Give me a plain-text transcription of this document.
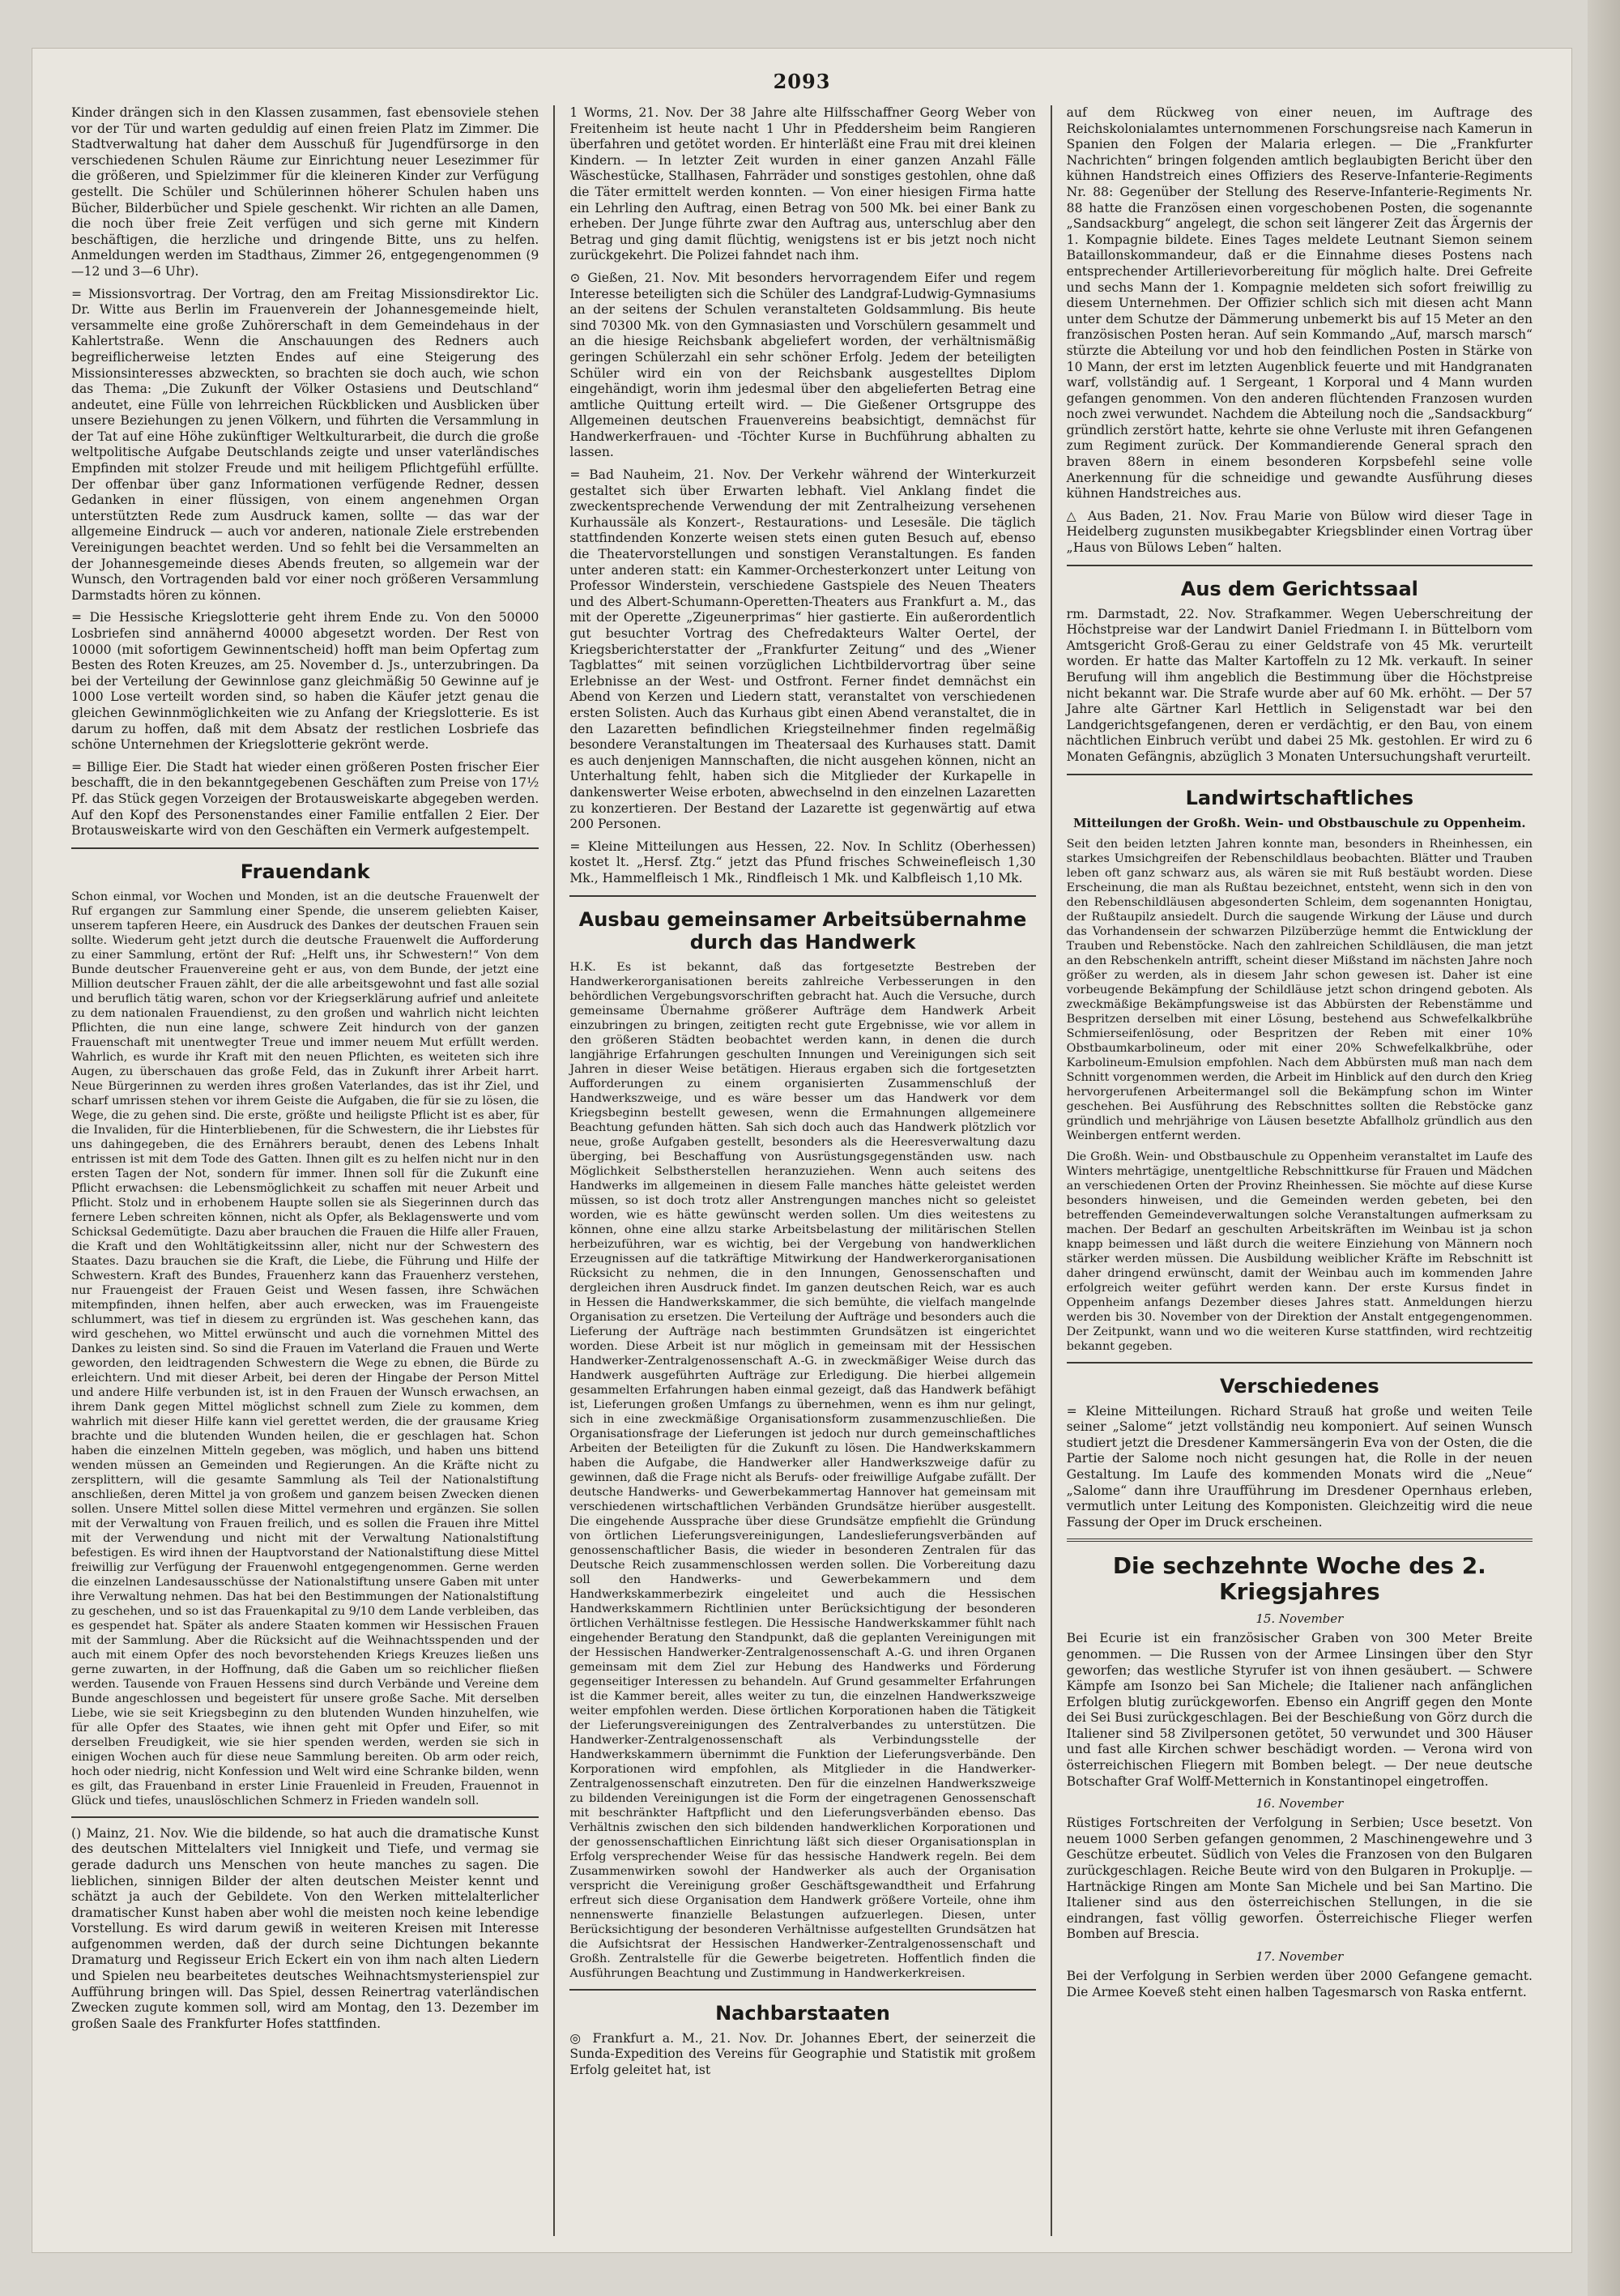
2093

Kinder drängen sich in den Klassen zusammen, fast ebensoviele stehen vor der Tür und warten geduldig auf einen freien Platz im Zimmer. Die Stadtverwaltung hat daher dem Ausschuß für Jugendfürsorge in den verschiedenen Schulen Räume zur Einrichtung neuer Lesezimmer für die größeren, und Spielzimmer für die kleineren Kinder zur Verfügung gestellt. Die Schüler und Schülerinnen höherer Schulen haben uns Bücher, Bilderbücher und Spiele geschenkt. Wir richten an alle Damen, die noch über freie Zeit verfügen und sich gerne mit Kindern beschäftigen, die herzliche und dringende Bitte, uns zu helfen. Anmeldungen werden im Stadthaus, Zimmer 26, entgegengenommen (9—12 und 3—6 Uhr).

= Missionsvortrag. Der Vortrag, den am Freitag Missionsdirektor Lic. Dr. Witte aus Berlin im Frauenverein der Johannesgemeinde hielt, versammelte eine große Zuhörerschaft in dem Gemeindehaus in der Kahlertstraße. Wenn die Anschauungen des Redners auch begreiflicherweise letzten Endes auf eine Steigerung des Missionsinteresses abzweckten, so brachten sie doch auch, wie schon das Thema: „Die Zukunft der Völker Ostasiens und Deutschland“ andeutet, eine Fülle von lehrreichen Rückblicken und Ausblicken über unsere Beziehungen zu jenen Völkern, und führten die Versammlung in der Tat auf eine Höhe zukünftiger Weltkulturarbeit, die durch die große weltpolitische Aufgabe Deutschlands zeigte und unser vaterländisches Empfinden mit stolzer Freude und mit heiligem Pflichtgefühl erfüllte. Der offenbar über ganz Informationen verfügende Redner, dessen Gedanken in einer flüssigen, von einem angenehmen Organ unterstützten Rede zum Ausdruck kamen, sollte — das war der allgemeine Eindruck — auch vor anderen, nationale Ziele erstrebenden Vereinigungen beachtet werden. Und so fehlt bei die Versammelten an der Johannesgemeinde dieses Abends freuten, so allgemein war der Wunsch, den Vortragenden bald vor einer noch größeren Versammlung Darmstadts hören zu können.

= Die Hessische Kriegslotterie geht ihrem Ende zu. Von den 50000 Losbriefen sind annähernd 40000 abgesetzt worden. Der Rest von 10000 (mit sofortigem Gewinnentscheid) hofft man beim Opfertag zum Besten des Roten Kreuzes, am 25. November d. Js., unterzubringen. Da bei der Verteilung der Gewinnlose ganz gleichmäßig 50 Gewinne auf je 1000 Lose verteilt worden sind, so haben die Käufer jetzt genau die gleichen Gewinnmöglichkeiten wie zu Anfang der Kriegslotterie. Es ist darum zu hoffen, daß mit dem Absatz der restlichen Losbriefe das schöne Unternehmen der Kriegslotterie gekrönt werde.

= Billige Eier. Die Stadt hat wieder einen größeren Posten frischer Eier beschafft, die in den bekanntgegebenen Geschäften zum Preise von 17½ Pf. das Stück gegen Vorzeigen der Brotausweiskarte abgegeben werden. Auf den Kopf des Personenstandes einer Familie entfallen 2 Eier. Der Brotausweiskarte wird von den Geschäften ein Vermerk aufgestempelt.

Frauendank

Schon einmal, vor Wochen und Monden, ist an die deutsche Frauenwelt der Ruf ergangen zur Sammlung einer Spende, die unserem geliebten Kaiser, unserem tapferen Heere, ein Ausdruck des Dankes der deutschen Frauen sein sollte. Wiederum geht jetzt durch die deutsche Frauenwelt die Aufforderung zu einer Sammlung, ertönt der Ruf: „Helft uns, ihr Schwestern!“ Von dem Bunde deutscher Frauenvereine geht er aus, von dem Bunde, der jetzt eine Million deutscher Frauen zählt, der die alle arbeitsgewohnt und fast alle sozial und beruflich tätig waren, schon vor der Kriegserklärung aufrief und anleitete zu dem nationalen Frauendienst, zu den großen und wahrlich nicht leichten Pflichten, die nun eine lange, schwere Zeit hindurch von der ganzen Frauenschaft mit unentwegter Treue und immer neuem Mut erfüllt werden. Wahrlich, es wurde ihr Kraft mit den neuen Pflichten, es weiteten sich ihre Augen, zu überschauen das große Feld, das in Zukunft ihrer Arbeit harrt. Neue Bürgerinnen zu werden ihres großen Vaterlandes, das ist ihr Ziel, und scharf umrissen stehen vor ihrem Geiste die Aufgaben, die für sie zu lösen, die Wege, die zu gehen sind. Die erste, größte und heiligste Pflicht ist es aber, für die Invaliden, für die Hinterbliebenen, für die Schwestern, die ihr Liebstes für uns dahingegeben, die des Ernährers beraubt, denen des Lebens Inhalt entrissen ist mit dem Tode des Gatten. Ihnen gilt es zu helfen nicht nur in den ersten Tagen der Not, sondern für immer. Ihnen soll für die Zukunft eine Pflicht erwachsen: die Lebensmöglichkeit zu schaffen mit neuer Arbeit und Pflicht. Stolz und in erhobenem Haupte sollen sie als Siegerinnen durch das fernere Leben schreiten können, nicht als Opfer, als Beklagenswerte und vom Schicksal Gedemütigte. Dazu aber brauchen die Frauen die Hilfe aller Frauen, die Kraft und den Wohltätigkeitssinn aller, nicht nur der Schwestern des Staates. Dazu brauchen sie die Kraft, die Liebe, die Führung und Hilfe der Schwestern. Kraft des Bundes, Frauenherz kann das Frauenherz verstehen, nur Frauengeist der Frauen Geist und Wesen fassen, ihre Schwächen mitempfinden, ihnen helfen, aber auch erwecken, was im Frauengeiste schlummert, was tief in diesem zu ergründen ist. Was geschehen kann, das wird geschehen, wo Mittel erwünscht und auch die vornehmen Mittel des Dankes zu leisten sind. So sind die Frauen im Vaterland die Frauen und Werte geworden, den leidtragenden Schwestern die Wege zu ebnen, die Bürde zu erleichtern. Und mit dieser Arbeit, bei deren der Hingabe der Person Mittel und andere Hilfe verbunden ist, ist in den Frauen der Wunsch erwachsen, an ihrem Dank gegen Mittel möglichst schnell zum Ziele zu kommen, dem wahrlich mit dieser Hilfe kann viel gerettet werden, die der grausame Krieg brachte und die blutenden Wunden heilen, die er geschlagen hat. Schon haben die einzelnen Mitteln gegeben, was möglich, und haben uns bittend wenden müssen an Gemeinden und Regierungen. An die Kräfte nicht zu zersplittern, will die gesamte Sammlung als Teil der Nationalstiftung anschließen, deren Mittel ja von großem und ganzem beisen Zwecken dienen sollen. Unsere Mittel sollen diese Mittel vermehren und ergänzen. Sie sollen mit der Verwaltung von Frauen freilich, und es sollen die Frauen ihre Mittel mit der Verwendung und nicht mit der Verwaltung Nationalstiftung befestigen. Es wird ihnen der Hauptvorstand der Nationalstiftung diese Mittel freiwillig zur Verfügung der Frauenwohl entgegengenommen. Gerne werden die einzelnen Landesausschüsse der Nationalstiftung unsere Gaben mit unter ihre Verwaltung nehmen. Das hat bei den Bestimmungen der Nationalstiftung zu geschehen, und so ist das Frauenkapital zu 9/10 dem Lande verbleiben, das es gespendet hat. Später als andere Staaten kommen wir Hessischen Frauen mit der Sammlung. Aber die Rücksicht auf die Weihnachtsspenden und der auch mit einem Opfer des noch bevorstehenden Kriegs Kreuzes ließen uns gerne zuwarten, in der Hoffnung, daß die Gaben um so reichlicher fließen werden. Tausende von Frauen Hessens sind durch Verbände und Vereine dem Bunde angeschlossen und begeistert für unsere große Sache. Mit derselben Liebe, wie sie seit Kriegsbeginn zu den blutenden Wunden hinzuhelfen, wie für alle Opfer des Staates, wie ihnen geht mit Opfer und Eifer, so mit derselben Freudigkeit, wie sie hier spenden werden, werden sie sich in einigen Wochen auch für diese neue Sammlung bereiten. Ob arm oder reich, hoch oder niedrig, nicht Konfession und Welt wird eine Schranke bilden, wenn es gilt, das Frauenband in erster Linie Frauenleid in Freuden, Frauennot in Glück und tiefes, unauslöschlichen Schmerz in Frieden wandeln soll.

() Mainz, 21. Nov. Wie die bildende, so hat auch die dramatische Kunst des deutschen Mittelalters viel Innigkeit und Tiefe, und vermag sie gerade dadurch uns Menschen von heute manches zu sagen. Die lieblichen, sinnigen Bilder der alten deutschen Meister kennt und schätzt ja auch der Gebildete. Von den Werken mittelalterlicher dramatischer Kunst haben aber wohl die meisten noch keine lebendige Vorstellung. Es wird darum gewiß in weiteren Kreisen mit Interesse aufgenommen werden, daß der durch seine Dichtungen bekannte Dramaturg und Regisseur Erich Eckert ein von ihm nach alten Liedern und Spielen neu bearbeitetes deutsches Weihnachtsmysterienspiel zur Aufführung bringen will. Das Spiel, dessen Reinertrag vaterländischen Zwecken zugute kommen soll, wird am Montag, den 13. Dezember im großen Saale des Frankfurter Hofes stattfinden.

1 Worms, 21. Nov. Der 38 Jahre alte Hilfsschaffner Georg Weber von Freitenheim ist heute nacht 1 Uhr in Pfeddersheim beim Rangieren überfahren und getötet worden. Er hinterläßt eine Frau mit drei kleinen Kindern. — In letzter Zeit wurden in einer ganzen Anzahl Fälle Wäschestücke, Stallhasen, Fahrräder und sonstiges gestohlen, ohne daß die Täter ermittelt werden konnten. — Von einer hiesigen Firma hatte ein Lehrling den Auftrag, einen Betrag von 500 Mk. bei einer Bank zu erheben. Der Junge führte zwar den Auftrag aus, unterschlug aber den Betrag und ging damit flüchtig, wenigstens ist er bis jetzt noch nicht zurückgekehrt. Die Polizei fahndet nach ihm.

⊙ Gießen, 21. Nov. Mit besonders hervorragendem Eifer und regem Interesse beteiligten sich die Schüler des Landgraf-Ludwig-Gymnasiums an der seitens der Schulen veranstalteten Goldsammlung. Bis heute sind 70300 Mk. von den Gymnasiasten und Vorschülern gesammelt und an die hiesige Reichsbank abgeliefert worden, der verhältnismäßig geringen Schülerzahl ein sehr schöner Erfolg. Jedem der beteiligten Schüler wird ein von der Reichsbank ausgestelltes Diplom eingehändigt, worin ihm jedesmal über den abgelieferten Betrag eine amtliche Quittung erteilt wird. — Die Gießener Ortsgruppe des Allgemeinen deutschen Frauenvereins beabsichtigt, demnächst für Handwerkerfrauen- und -Töchter Kurse in Buchführung abhalten zu lassen.

= Bad Nauheim, 21. Nov. Der Verkehr während der Winterkurzeit gestaltet sich über Erwarten lebhaft. Viel Anklang findet die zweckentsprechende Verwendung der mit Zentralheizung versehenen Kurhaussäle als Konzert-, Restaurations- und Lesesäle. Die täglich stattfindenden Konzerte weisen stets einen guten Besuch auf, ebenso die Theatervorstellungen und sonstigen Veranstaltungen. Es fanden unter anderen statt: ein Kammer-Orchesterkonzert unter Leitung von Professor Winderstein, verschiedene Gastspiele des Neuen Theaters und des Albert-Schumann-Operetten-Theaters aus Frankfurt a. M., das mit der Operette „Zigeunerprimas“ hier gastierte. Ein außerordentlich gut besuchter Vortrag des Chefredakteurs Walter Oertel, der Kriegsberichterstatter der „Frankfurter Zeitung“ und des „Wiener Tagblattes“ mit seinen vorzüglichen Lichtbildervortrag über seine Erlebnisse an der West- und Ostfront. Ferner findet demnächst ein Abend von Kerzen und Liedern statt, veranstaltet von verschiedenen ersten Solisten. Auch das Kurhaus gibt einen Abend veranstaltet, die in den Lazaretten befindlichen Kriegsteilnehmer finden regelmäßig besondere Veranstaltungen im Theatersaal des Kurhauses statt. Damit es auch denjenigen Mannschaften, die nicht ausgehen können, nicht an Unterhaltung fehlt, haben sich die Mitglieder der Kurkapelle in dankenswerter Weise erboten, abwechselnd in den einzelnen Lazaretten zu konzertieren. Der Bestand der Lazarette ist gegenwärtig auf etwa 200 Personen.

= Kleine Mitteilungen aus Hessen, 22. Nov. In Schlitz (Oberhessen) kostet lt. „Hersf. Ztg.“ jetzt das Pfund frisches Schweinefleisch 1,30 Mk., Hammelfleisch 1 Mk., Rindfleisch 1 Mk. und Kalbfleisch 1,10 Mk.

Ausbau gemeinsamer Arbeitsübernahme durch das Handwerk

H.K. Es ist bekannt, daß das fortgesetzte Bestreben der Handwerkerorganisationen bereits zahlreiche Verbesserungen in den behördlichen Vergebungsvorschriften gebracht hat. Auch die Versuche, durch gemeinsame Übernahme größerer Aufträge dem Handwerk Arbeit einzubringen zu bringen, zeitigten recht gute Ergebnisse, wie vor allem in den größeren Städten beobachtet werden kann, in denen die durch langjährige Erfahrungen geschulten Innungen und Vereinigungen sich seit Jahren in dieser Weise betätigen. Hieraus ergaben sich die fortgesetzten Aufforderungen zu einem organisierten Zusammenschluß der Handwerkszweige, und es wäre besser um das Handwerk vor dem Kriegsbeginn bestellt gewesen, wenn die Ermahnungen allgemeinere Beachtung gefunden hätten. Sah sich doch auch das Handwerk plötzlich vor neue, große Aufgaben gestellt, besonders als die Heeresverwaltung dazu überging, bei Beschaffung von Ausrüstungsgegenständen usw. nach Möglichkeit Selbstherstellen heranzuziehen. Wenn auch seitens des Handwerks im allgemeinen in diesem Falle manches hätte geleistet werden müssen, so ist doch trotz aller Anstrengungen manches nicht so geleistet worden, wie es hätte gewünscht werden sollen. Um dies weitestens zu können, ohne eine allzu starke Arbeitsbelastung der militärischen Stellen herbeizuführen, war es wichtig, bei der Vergebung von handwerklichen Erzeugnissen auf die tatkräftige Mitwirkung der Handwerkerorganisationen Rücksicht zu nehmen, die in den Innungen, Genossenschaften und dergleichen ihren Ausdruck findet. Im ganzen deutschen Reich, war es auch in Hessen die Handwerkskammer, die sich bemühte, die vielfach mangelnde Organisation zu ersetzen. Die Verteilung der Aufträge und besonders auch die Lieferung der Aufträge nach bestimmten Grundsätzen ist eingerichtet worden. Diese Arbeit ist nur möglich in gemeinsam mit der Hessischen Handwerker-Zentralgenossenschaft A.-G. in zweckmäßiger Weise durch das Handwerk ausgeführten Aufträge zur Erledigung. Die hierbei allgemein gesammelten Erfahrungen haben einmal gezeigt, daß das Handwerk befähigt ist, Lieferungen großen Umfangs zu übernehmen, wenn es ihm nur gelingt, sich in eine zweckmäßige Organisationsform zusammenzuschließen. Die Organisationsfrage der Lieferungen ist jedoch nur durch gemeinschaftliches Arbeiten der Beteiligten für die Zukunft zu lösen. Die Handwerkskammern haben die Aufgabe, die Handwerker aller Handwerkszweige dafür zu gewinnen, daß die Frage nicht als Berufs- oder freiwillige Aufgabe zufällt. Der deutsche Handwerks- und Gewerbekammertag Hannover hat gemeinsam mit verschiedenen wirtschaftlichen Verbänden Grundsätze hierüber ausgestellt. Die eingehende Aussprache über diese Grundsätze empfiehlt die Gründung von örtlichen Lieferungsvereinigungen, Landeslieferungsverbänden auf genossenschaftlicher Basis, die wieder in besonderen Zentralen für das Deutsche Reich zusammenschlossen werden sollen. Die Vorbereitung dazu soll den Handwerks- und Gewerbekammern und dem Handwerkskammerbezirk eingeleitet und auch die Hessischen Handwerkskammern Richtlinien unter Berücksichtigung der besonderen örtlichen Verhältnisse festlegen. Die Hessische Handwerkskammer fühlt nach eingehender Beratung den Standpunkt, daß die geplanten Vereinigungen mit der Hessischen Handwerker-Zentralgenossenschaft A.-G. und ihren Organen gemeinsam mit dem Ziel zur Hebung des Handwerks und Förderung gegenseitiger Interessen zu behandeln. Auf Grund gesammelter Erfahrungen ist die Kammer bereit, alles weiter zu tun, die einzelnen Handwerkszweige weiter empfohlen werden. Diese örtlichen Korporationen haben die Tätigkeit der Lieferungsvereinigungen des Zentralverbandes zu unterstützen. Die Handwerker-Zentralgenossenschaft als Verbindungsstelle der Handwerkskammern übernimmt die Funktion der Lieferungsverbände. Den Korporationen wird empfohlen, als Mitglieder in die Handwerker-Zentralgenossenschaft einzutreten. Den für die einzelnen Handwerkszweige zu bildenden Vereinigungen ist die Form der eingetragenen Genossenschaft mit beschränkter Haftpflicht und den Lieferungsverbänden ebenso. Das Verhältnis zwischen den sich bildenden handwerklichen Korporationen und der genossenschaftlichen Einrichtung läßt sich dieser Organisationsplan in Erfolg versprechender Weise für das hessische Handwerk regeln. Bei dem Zusammenwirken sowohl der Handwerker als auch der Organisation verspricht die Vereinigung großer Geschäftsgewandtheit und Erfahrung erfreut sich diese Organisation dem Handwerk größere Vorteile, ohne ihm nennenswerte finanzielle Belastungen aufzuerlegen. Diesen, unter Berücksichtigung der besonderen Verhältnisse aufgestellten Grundsätzen hat die Aufsichtsrat der Hessischen Handwerker-Zentralgenossenschaft und Großh. Zentralstelle für die Gewerbe beigetreten. Hoffentlich finden die Ausführungen Beachtung und Zustimmung in Handwerkerkreisen.

Nachbarstaaten

◎ Frankfurt a. M., 21. Nov. Dr. Johannes Ebert, der seinerzeit die Sunda-Expedition des Vereins für Geographie und Statistik mit großem Erfolg geleitet hat, ist

auf dem Rückweg von einer neuen, im Auftrage des Reichskolonialamtes unternommenen Forschungsreise nach Kamerun in Spanien den Folgen der Malaria erlegen. — Die „Frankfurter Nachrichten“ bringen folgenden amtlich beglaubigten Bericht über den kühnen Handstreich eines Offiziers des Reserve-Infanterie-Regiments Nr. 88: Gegenüber der Stellung des Reserve-Infanterie-Regiments Nr. 88 hatte die Französen einen vorgeschobenen Posten, die sogenannte „Sandsackburg“ angelegt, die schon seit längerer Zeit das Ärgernis der 1. Kompagnie bildete. Eines Tages meldete Leutnant Siemon seinem Bataillonskommandeur, daß er die Einnahme dieses Postens nach entsprechender Artillerievorbereitung für möglich halte. Drei Gefreite und sechs Mann der 1. Kompagnie meldeten sich sofort freiwillig zu diesem Unternehmen. Der Offizier schlich sich mit diesen acht Mann unter dem Schutze der Dämmerung unbemerkt bis auf 15 Meter an den französischen Posten heran. Auf sein Kommando „Auf, marsch marsch“ stürzte die Abteilung vor und hob den feindlichen Posten in Stärke von 10 Mann, der erst im letzten Augenblick feuerte und mit Handgranaten warf, vollständig auf. 1 Sergeant, 1 Korporal und 4 Mann wurden gefangen genommen. Von den anderen flüchtenden Franzosen wurden noch zwei verwundet. Nachdem die Abteilung noch die „Sandsackburg“ gründlich zerstört hatte, kehrte sie ohne Verluste mit ihren Gefangenen zum Regiment zurück. Der Kommandierende General sprach den braven 88ern in einem besonderen Korpsbefehl seine volle Anerkennung für die schneidige und gewandte Ausführung dieses kühnen Handstreiches aus.

△ Aus Baden, 21. Nov. Frau Marie von Bülow wird dieser Tage in Heidelberg zugunsten musikbegabter Kriegsblinder einen Vortrag über „Haus von Bülows Leben“ halten.

Aus dem Gerichtssaal

rm. Darmstadt, 22. Nov. Strafkammer. Wegen Ueberschreitung der Höchstpreise war der Landwirt Daniel Friedmann I. in Büttelborn vom Amtsgericht Groß-Gerau zu einer Geldstrafe von 45 Mk. verurteilt worden. Er hatte das Malter Kartoffeln zu 12 Mk. verkauft. In seiner Berufung will ihm angeblich die Bestimmung über die Höchstpreise nicht bekannt war. Die Strafe wurde aber auf 60 Mk. erhöht. — Der 57 Jahre alte Gärtner Karl Hettlich in Seligenstadt war bei den Landgerichtsgefangenen, deren er verdächtig, er den Bau, von einem nächtlichen Einbruch verübt und dabei 25 Mk. gestohlen. Er wird zu 6 Monaten Gefängnis, abzüglich 3 Monaten Untersuchungshaft verurteilt.

Landwirtschaftliches
Mitteilungen der Großh. Wein- und Obstbauschule zu Oppenheim.

Seit den beiden letzten Jahren konnte man, besonders in Rheinhessen, ein starkes Umsichgreifen der Rebenschildlaus beobachten. Blätter und Trauben leben oft ganz schwarz aus, als wären sie mit Ruß bestäubt worden. Diese Erscheinung, die man als Rußtau bezeichnet, entsteht, wenn sich in den von den Rebenschildläusen abgesonderten Schleim, dem sogenannten Honigtau, der Rußtaupilz ansiedelt. Durch die saugende Wirkung der Läuse und durch das Vorhandensein der schwarzen Pilzüberzüge hemmt die Entwicklung der Trauben und Rebenstöcke. Nach den zahlreichen Schildläusen, die man jetzt an den Rebschenkeln antrifft, scheint dieser Mißstand im nächsten Jahre noch größer zu werden, als in diesem Jahr schon gewesen ist. Daher ist eine vorbeugende Bekämpfung der Schildläuse jetzt schon dringend geboten. Als zweckmäßige Bekämpfungsweise ist das Abbürsten der Rebenstämme und Bespritzen derselben mit einer Lösung, bestehend aus Schwefelkalkbrühe Schmierseifenlösung, oder Bespritzen der Reben mit einer 10% Obstbaumkarbolineum, oder mit einer 20% Schwefelkalkbrühe, oder Karbolineum-Emulsion empfohlen. Nach dem Abbürsten muß man nach dem Schnitt vorgenommen werden, die Arbeit im Hinblick auf den durch den Krieg hervorgerufenen Arbeitermangel soll die Bekämpfung schon im Winter geschehen. Bei Ausführung des Rebschnittes sollten die Rebstöcke ganz gründlich und mehrjährige von Läusen besetzte Abfallholz gründlich aus den Weinbergen entfernt werden.

Die Großh. Wein- und Obstbauschule zu Oppenheim veranstaltet im Laufe des Winters mehrtägige, unentgeltliche Rebschnittkurse für Frauen und Mädchen an verschiedenen Orten der Provinz Rheinhessen. Sie möchte auf diese Kurse besonders hinweisen, und die Gemeinden werden gebeten, bei den betreffenden Gemeindeverwaltungen solche Veranstaltungen aufmerksam zu machen. Der Bedarf an geschulten Arbeitskräften im Weinbau ist ja schon knapp beimessen und läßt durch die weitere Einziehung von Männern noch stärker werden müssen. Die Ausbildung weiblicher Kräfte im Rebschnitt ist daher dringend erwünscht, damit der Weinbau auch im kommenden Jahre erfolgreich weiter geführt werden kann. Der erste Kursus findet in Oppenheim anfangs Dezember dieses Jahres statt. Anmeldungen hierzu werden bis 30. November von der Direktion der Anstalt entgegengenommen. Der Zeitpunkt, wann und wo die weiteren Kurse stattfinden, wird rechtzeitig bekannt gegeben.

Verschiedenes

= Kleine Mitteilungen. Richard Strauß hat große und weiten Teile seiner „Salome“ jetzt vollständig neu komponiert. Auf seinen Wunsch studiert jetzt die Dresdener Kammersängerin Eva von der Osten, die die Partie der Salome noch nicht gesungen hat, die Rolle in der neuen Gestaltung. Im Laufe des kommenden Monats wird die „Neue“ „Salome“ dann ihre Uraufführung im Dresdener Opernhaus erleben, vermutlich unter Leitung des Komponisten. Gleichzeitig wird die neue Fassung der Oper im Druck erscheinen.

Die sechzehnte Woche des 2. Kriegsjahres
15. November

Bei Ecurie ist ein französischer Graben von 300 Meter Breite genommen. — Die Russen von der Armee Linsingen über den Styr geworfen; das westliche Styrufer ist von ihnen gesäubert. — Schwere Kämpfe am Isonzo bei San Michele; die Italiener nach anfänglichen Erfolgen blutig zurückgeworfen. Ebenso ein Angriff gegen den Monte dei Sei Busi zurückgeschlagen. Bei der Beschießung von Görz durch die Italiener sind 58 Zivilpersonen getötet, 50 verwundet und 300 Häuser und fast alle Kirchen schwer beschädigt worden. — Verona wird von österreichischen Fliegern mit Bomben belegt. — Der neue deutsche Botschafter Graf Wolff-Metternich in Konstantinopel eingetroffen.

16. November

Rüstiges Fortschreiten der Verfolgung in Serbien; Usce besetzt. Von neuem 1000 Serben gefangen genommen, 2 Maschinengewehre und 3 Geschütze erbeutet. Südlich von Veles die Franzosen von den Bulgaren zurückgeschlagen. Reiche Beute wird von den Bulgaren in Prokuplje. — Hartnäckige Ringen am Monte San Michele und bei San Martino. Die Italiener sind aus den österreichischen Stellungen, in die sie eindrangen, fast völlig geworfen. Österreichische Flieger werfen Bomben auf Brescia.

17. November

Bei der Verfolgung in Serbien werden über 2000 Gefangene gemacht. Die Armee Koeveß steht einen halben Tagesmarsch von Raska entfernt.
